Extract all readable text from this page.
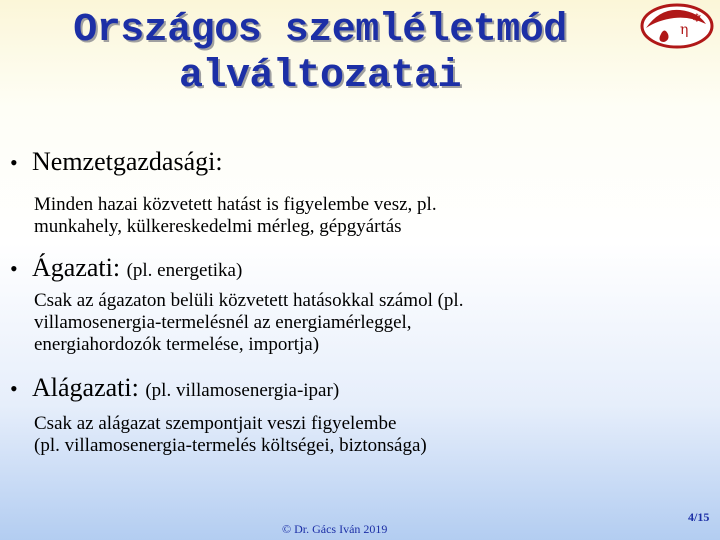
Országos szemléletmód
alváltozatai
η
❄
• Nemzetgazdasági:
Minden hazai közvetett hatást is figyelembe vesz, pl.
munkahely, külkereskedelmi mérleg, gépgyártás
• Ágazati: (pl. energetika)
Csak az ágazaton belüli közvetett hatásokkal számol (pl.
villamosenergia-termelésnél az energiamérleggel,
energiahordozók termelése, importja)
• Alágazati: (pl. villamosenergia-ipar)
Csak az alágazat szempontjait veszi figyelembe
(pl. villamosenergia-termelés költségei, biztonsága)
© Dr. Gács Iván 2019
4/15
